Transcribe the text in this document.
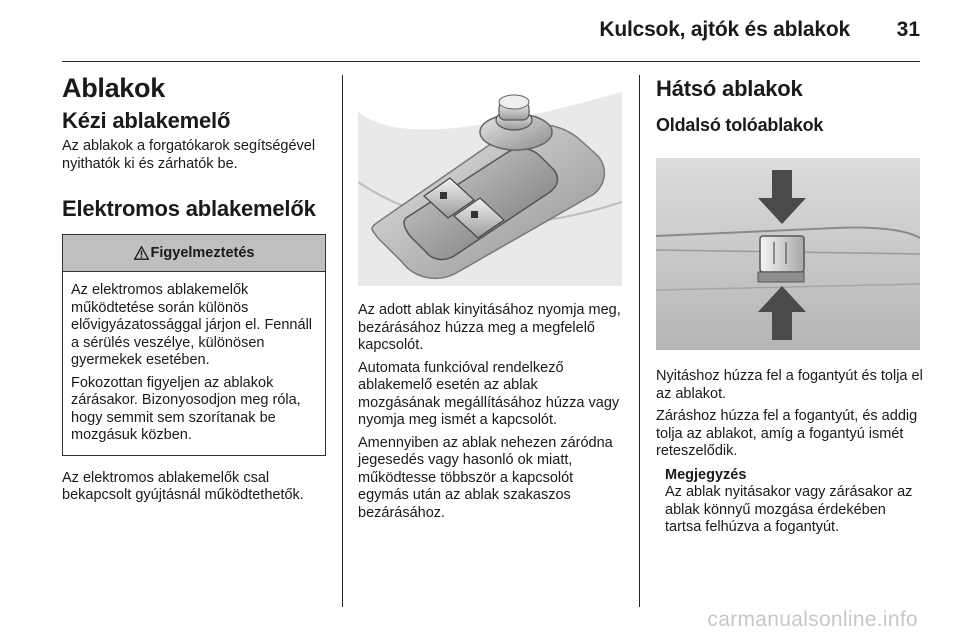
Kulcsok, ajtók és ablakok 31
Ablakok
Kézi ablakemelő

Az ablakok a forgatókarok segítségével nyithatók ki és zárhatók be.

Elektromos ablakemelők
Figyelmeztetés

Az elektromos ablakemelők működtetése során különös elővigyázatossággal járjon el. Fennáll a sérülés veszélye, különösen gyermekek esetében.

Fokozottan figyeljen az ablakok zárásakor. Bizonyosodjon meg róla, hogy semmit sem szorítanak be mozgásuk közben.

Az elektromos ablakemelők csal bekapcsolt gyújtásnál működtethetők.

Az adott ablak kinyitásához nyomja meg, bezárásához húzza meg a megfelelő kapcsolót.

Automata funkcióval rendelkező ablakemelő esetén az ablak mozgásának megállításához húzza vagy nyomja meg ismét a kapcsolót.

Amennyiben az ablak nehezen záródna jegesedés vagy hasonló ok miatt, működtesse többször a kapcsolót egymás után az ablak szakaszos bezárásához.

Hátsó ablakok
Oldalsó tolóablakok

Nyitáshoz húzza fel a fogantyút és tolja el az ablakot.

Záráshoz húzza fel a fogantyút, és addig tolja az ablakot, amíg a fogantyú ismét reteszelődik.

Megjegyzés

Az ablak nyitásakor vagy zárásakor az ablak könnyű mozgása érdekében tartsa felhúzva a fogantyút.

carmanualsonline.info
